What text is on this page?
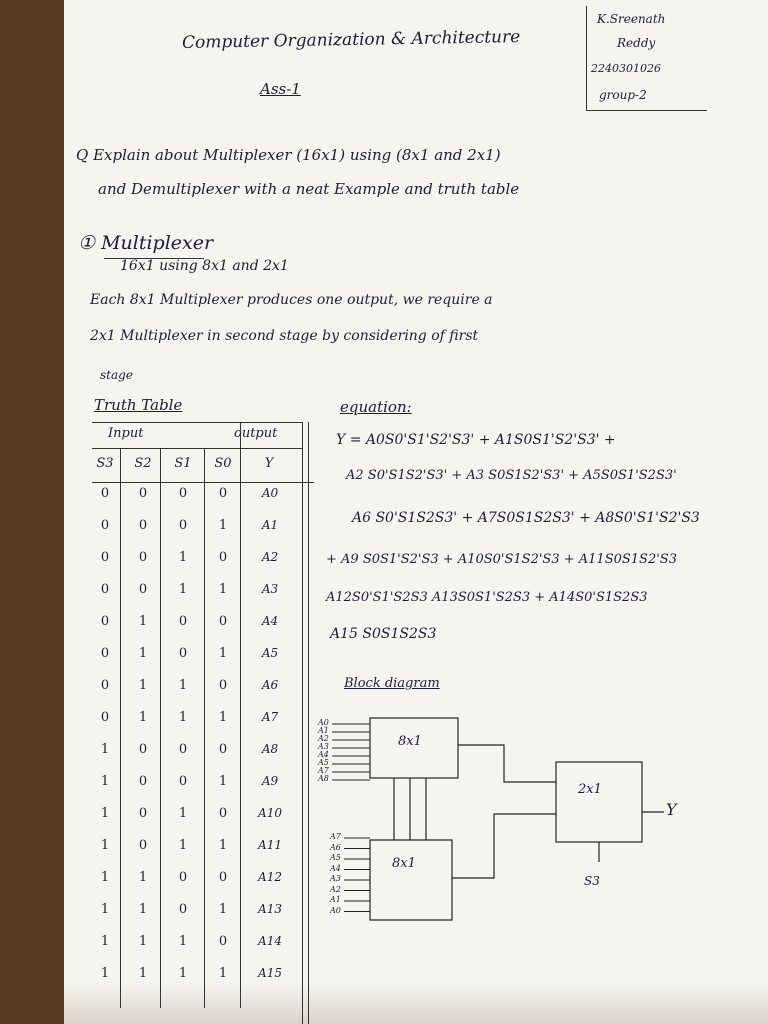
Computer Organization & Architecture
K.Sreenath
Reddy
2240301026
group-2
Ass-1
Q Explain about Multiplexer (16x1) using (8x1 and 2x1)
and Demultiplexer with a neat Example and truth table
① Multiplexer
16x1 using 8x1 and 2x1
Each 8x1 Multiplexer produces one output, we require a
2x1 Multiplexer in second stage by considering of first
stage
Truth Table
Input	output
S3	S2	S1	S0	Y
0	0	0	0	A0
0	0	0	1	A1
0	0	1	0	A2
0	0	1	1	A3
0	1	0	0	A4
0	1	0	1	A5
0	1	1	0	A6
0	1	1	1	A7
1	0	0	0	A8
1	0	0	1	A9
1	0	1	0	A10
1	0	1	1	A11
1	1	0	0	A12
1	1	0	1	A13
1	1	1	0	A14
1	1	1	1	A15
equation:
Y = A0S0'S1'S2'S3' + A1S0S1'S2'S3' +
A2 S0'S1S2'S3' + A3 S0S1S2'S3' + A5S0S1'S2S3'
A6 S0'S1S2S3' + A7S0S1S2S3' + A8S0'S1'S2'S3
+ A9 S0S1'S2'S3 + A10S0'S1S2'S3 + A11S0S1S2'S3
A12S0'S1'S2S3 A13S0S1'S2S3 + A14S0'S1S2S3
A15 S0S1S2S3
Block diagram
8x1
8x1
2x1
Y
S3
A0
A1
A2
A3
A4
A5
A7
A8
A7
A6
A5
A4
A3
A2
A1
A0
